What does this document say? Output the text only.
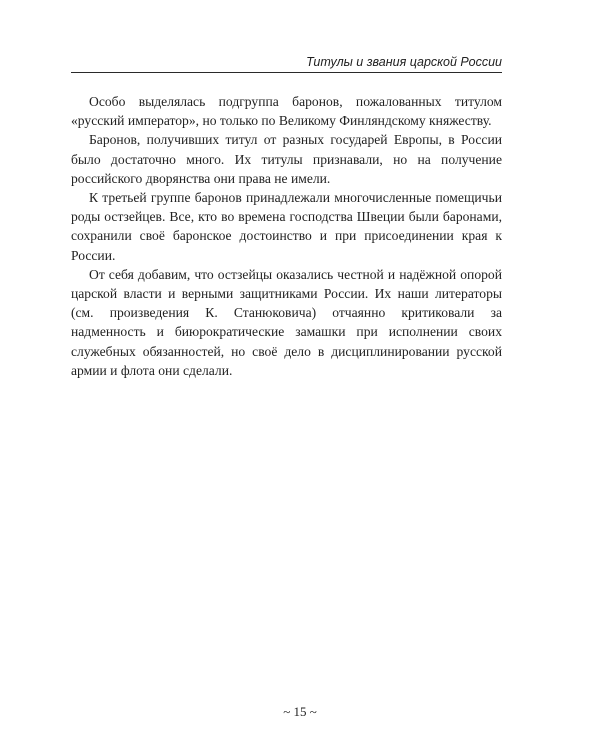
Титулы и звания царской России

Особо выделялась подгруппа баронов, пожалованных титулом «русский император», но только по Великому Финляндскому княжеству.

Баронов, получивших титул от разных государей Европы, в России было достаточно много. Их титулы признавали, но на получение российского дворянства они права не имели.

К третьей группе баронов принадлежали многочисленные помещичьи роды остзейцев. Все, кто во времена господства Швеции были баронами, сохранили своё баронское достоинство и при присоединении края к России.

От себя добавим, что остзейцы оказались честной и надёжной опорой царской власти и верными защитниками России. Их наши литераторы (см. произведения К. Станюковича) отчаянно критиковали за надменность и биюрократические замашки при исполнении своих служебных обязанностей, но своё дело в дисциплинировании русской армии и флота они сделали.

~ 15 ~
